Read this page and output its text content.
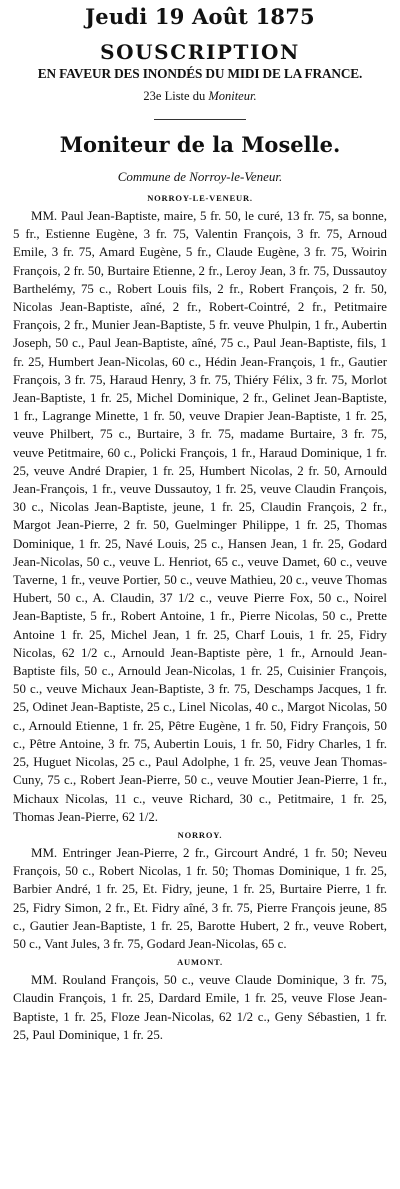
Jeudi 19 Août 1875
SOUSCRIPTION
EN FAVEUR DES INONDÉS DU MIDI DE LA FRANCE.
23e Liste du Moniteur.
Moniteur de la Moselle.
Commune de Norroy-le-Veneur.
NORROY-LE-VENEUR.

MM. Paul Jean-Baptiste, maire, 5 fr. 50, le curé, 13 fr. 75, sa bonne, 5 fr., Estienne Eugène, 3 fr. 75, Valentin François, 3 fr. 75, Arnoud Emile, 3 fr. 75, Amard Eugène, 5 fr., Claude Eugène, 3 fr. 75, Woirin François, 2 fr. 50, Burtaire Etienne, 2 fr., Leroy Jean, 3 fr. 75, Dussautoy Barthelémy, 75 c., Robert Louis fils, 2 fr., Robert François, 2 fr. 50, Nicolas Jean-Baptiste, aîné, 2 fr., Robert-Cointré, 2 fr., Petitmaire François, 2 fr., Munier Jean-Baptiste, 5 fr. veuve Phulpin, 1 fr., Aubertin Joseph, 50 c., Paul Jean-Baptiste, aîné, 75 c., Paul Jean-Baptiste, fils, 1 fr. 25, Humbert Jean-Nicolas, 60 c., Hédin Jean-François, 1 fr., Gautier François, 3 fr. 75, Haraud Henry, 3 fr. 75, Thiéry Félix, 3 fr. 75, Morlot Jean-Baptiste, 1 fr. 25, Michel Dominique, 2 fr., Gelinet Jean-Baptiste, 1 fr., Lagrange Minette, 1 fr. 50, veuve Drapier Jean-Baptiste, 1 fr. 25, veuve Philbert, 75 c., Burtaire, 3 fr. 75, madame Burtaire, 3 fr. 75, veuve Petitmaire, 60 c., Policki François, 1 fr., Haraud Dominique, 1 fr. 25, veuve André Drapier, 1 fr. 25, Humbert Nicolas, 2 fr. 50, Arnould Jean-François, 1 fr., veuve Dussautoy, 1 fr. 25, veuve Claudin François, 30 c., Nicolas Jean-Baptiste, jeune, 1 fr. 25, Claudin François, 2 fr., Margot Jean-Pierre, 2 fr. 50, Guelminger Philippe, 1 fr. 25, Thomas Dominique, 1 fr. 25, Navé Louis, 25 c., Hansen Jean, 1 fr. 25, Godard Jean-Nicolas, 50 c., veuve L. Henriot, 65 c., veuve Damet, 60 c., veuve Taverne, 1 fr., veuve Portier, 50 c., veuve Mathieu, 20 c., veuve Thomas Hubert, 50 c., A. Claudin, 37 1/2 c., veuve Pierre Fox, 50 c., Noirel Jean-Baptiste, 5 fr., Robert Antoine, 1 fr., Pierre Nicolas, 50 c., Prette Antoine 1 fr. 25, Michel Jean, 1 fr. 25, Charf Louis, 1 fr. 25, Fidry Nicolas, 62 1/2 c., Arnould Jean-Baptiste père, 1 fr., Arnould Jean-Baptiste fils, 50 c., Arnould Jean-Nicolas, 1 fr. 25, Cuisinier François, 50 c., veuve Michaux Jean-Baptiste, 3 fr. 75, Deschamps Jacques, 1 fr. 25, Odinet Jean-Baptiste, 25 c., Linel Nicolas, 40 c., Margot Nicolas, 50 c., Arnould Etienne, 1 fr. 25, Pêtre Eugène, 1 fr. 50, Fidry François, 50 c., Pêtre Antoine, 3 fr. 75, Aubertin Louis, 1 fr. 50, Fidry Charles, 1 fr. 25, Huguet Nicolas, 25 c., Paul Adolphe, 1 fr. 25, veuve Jean Thomas-Cuny, 75 c., Robert Jean-Pierre, 50 c., veuve Moutier Jean-Pierre, 1 fr., Michaux Nicolas, 11 c., veuve Richard, 30 c., Petitmaire, 1 fr. 25, Thomas Jean-Pierre, 62 1/2.

NORROY.

MM. Entringer Jean-Pierre, 2 fr., Gircourt André, 1 fr. 50; Neveu François, 50 c., Robert Nicolas, 1 fr. 50; Thomas Dominique, 1 fr. 25, Barbier André, 1 fr. 25, Et. Fidry, jeune, 1 fr. 25, Burtaire Pierre, 1 fr. 25, Fidry Simon, 2 fr., Et. Fidry aîné, 3 fr. 75, Pierre François jeune, 85 c., Gautier Jean-Baptiste, 1 fr. 25, Barotte Hubert, 2 fr., veuve Robert, 50 c., Vant Jules, 3 fr. 75, Godard Jean-Nicolas, 65 c.

AUMONT.

MM. Rouland François, 50 c., veuve Claude Dominique, 3 fr. 75, Claudin François, 1 fr. 25, Dardard Emile, 1 fr. 25, veuve Flose Jean-Baptiste, 1 fr. 25, Floze Jean-Nicolas, 62 1/2 c., Geny Sébastien, 1 fr. 25, Paul Dominique, 1 fr. 25.
